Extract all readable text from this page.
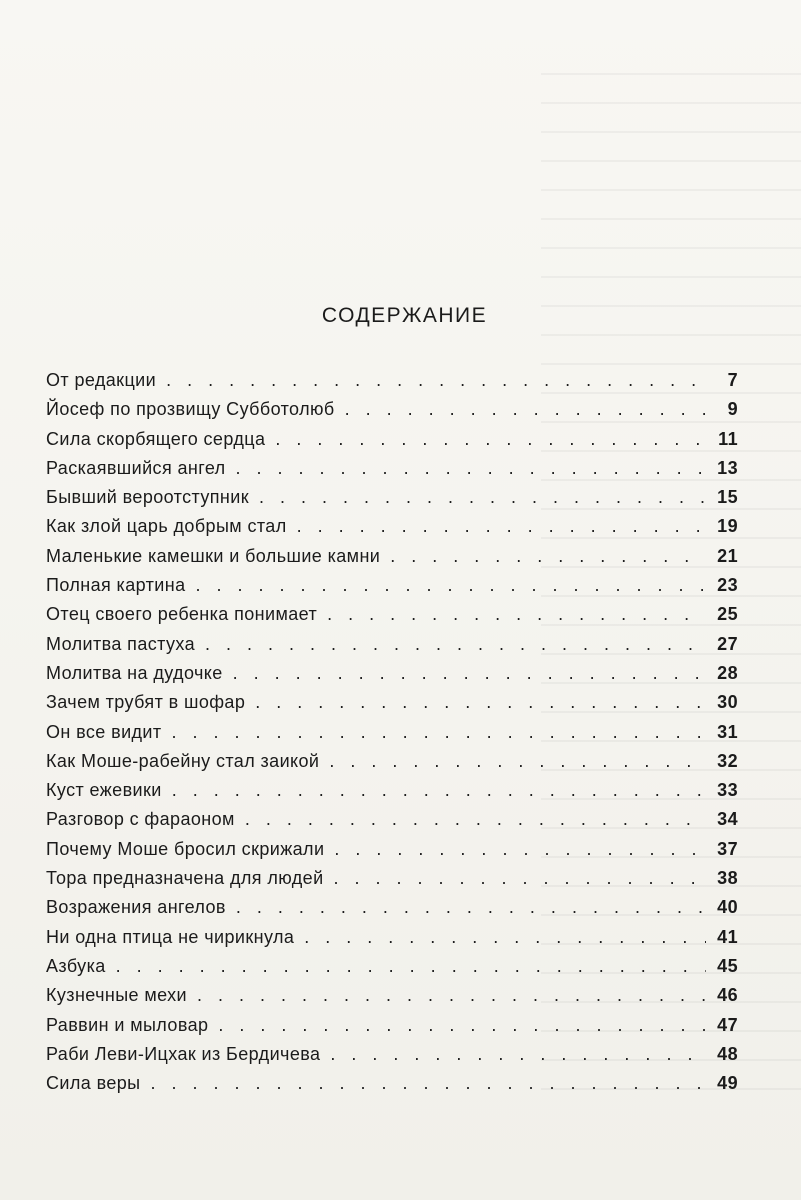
СОДЕРЖАНИЕ
От редакции . . .	7
Йосеф по прозвищу Субботолюб . . .	9
Сила скорбящего сердца . . .	11
Раскаявшийся ангел . . .	13
Бывший вероотступник . . .	15
Как злой царь добрым стал . . .	19
Маленькие камешки и большие камни . . .	21
Полная картина . . .	23
Отец своего ребенка понимает . . .	25
Молитва пастуха . . .	27
Молитва на дудочке . . .	28
Зачем трубят в шофар . . .	30
Он все видит . . .	31
Как Моше-рабейну стал заикой . . .	32
Куст ежевики . . .	33
Разговор с фараоном . . .	34
Почему Моше бросил скрижали . . .	37
Тора предназначена для людей . . .	38
Возражения ангелов . . .	40
Ни одна птица не чирикнула . . .	41
Азбука . . .	45
Кузнечные мехи . . .	46
Раввин и мыловар . . .	47
Раби Леви-Ицхак из Бердичева . . .	48
Сила веры . . .	49
